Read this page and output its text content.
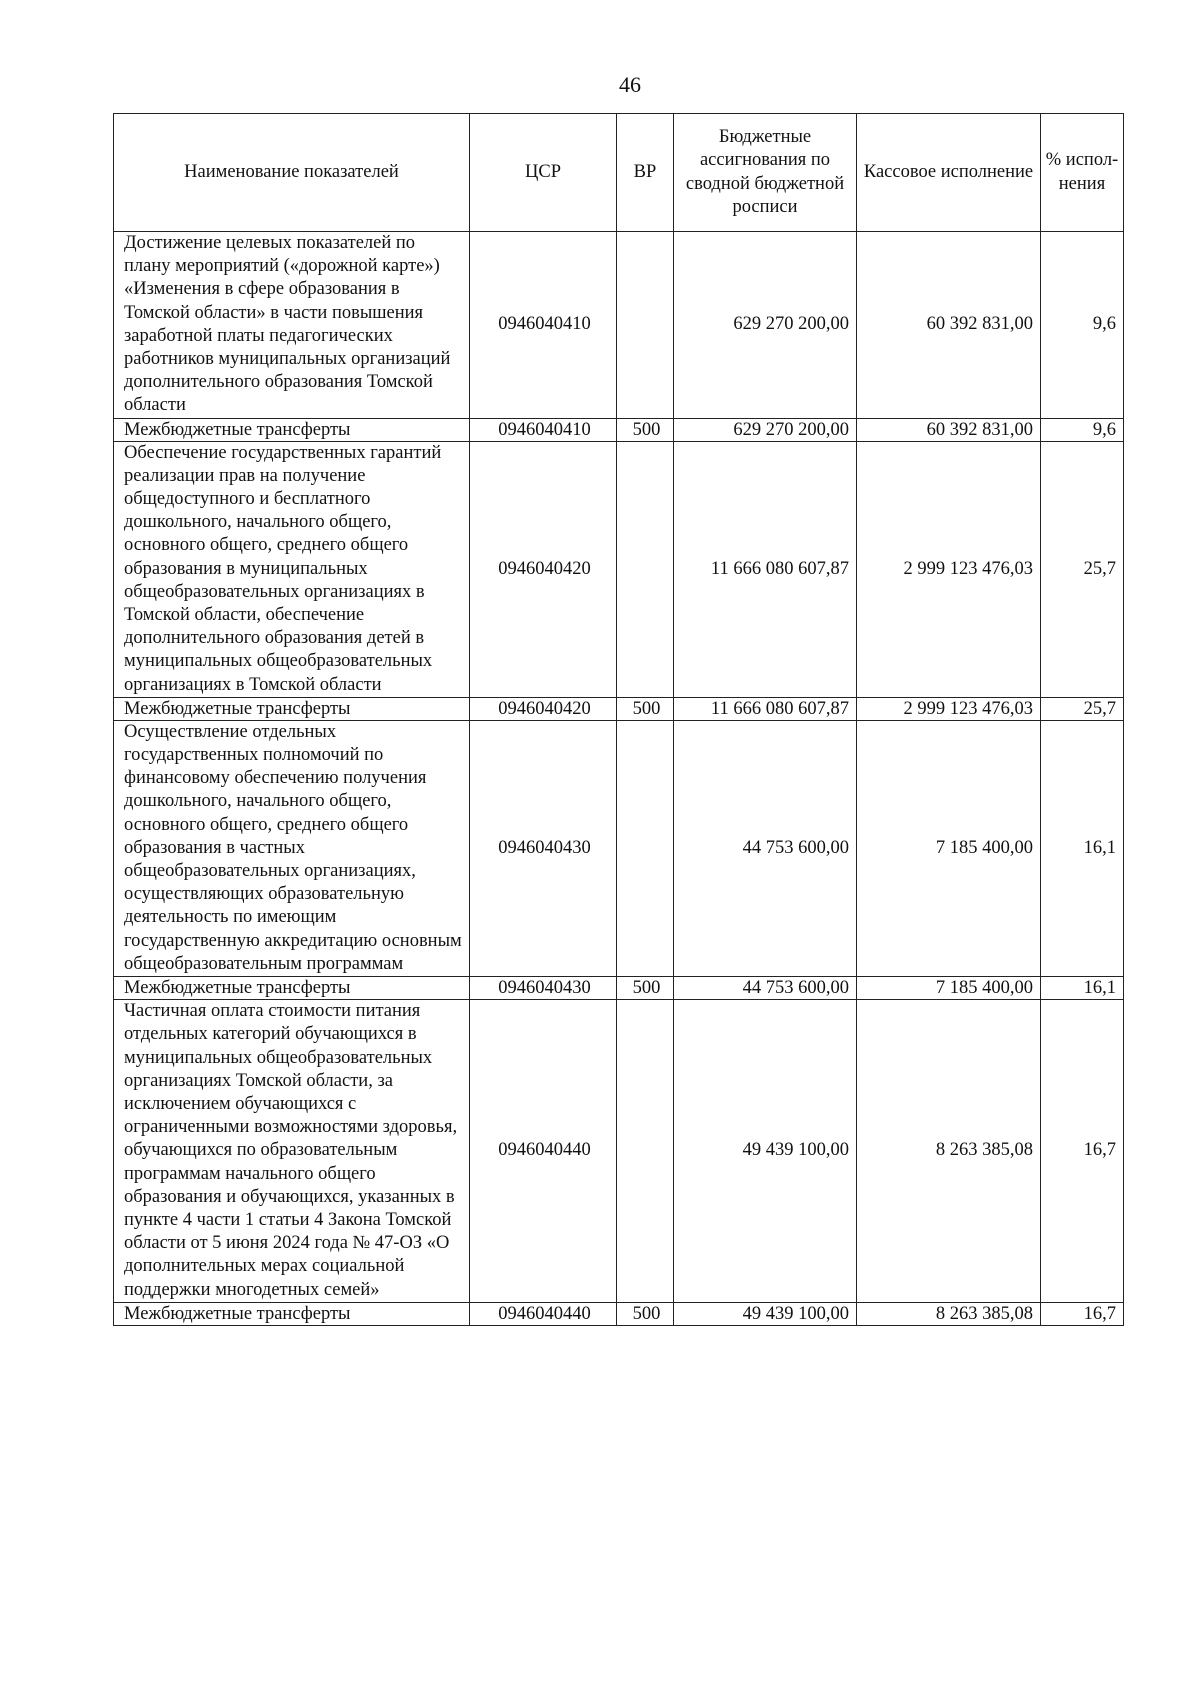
46
Наименование показателей	ЦСР	ВР	Бюджетные ассигнования по сводной бюджетной росписи	Кассовое исполнение	% испол-нения
Достижение целевых показателей по плану мероприятий («дорожной карте») «Изменения в сфере образования в Томской области» в части повышения заработной платы педагогических работников муниципальных организаций дополнительного образования Томской области	0946040410		629 270 200,00	60 392 831,00	9,6
Межбюджетные трансферты	0946040410	500	629 270 200,00	60 392 831,00	9,6
Обеспечение государственных гарантий реализации прав на получение общедоступного и бесплатного дошкольного, начального общего, основного общего, среднего общего образования в муниципальных общеобразовательных организациях в Томской области, обеспечение дополнительного образования детей в муниципальных общеобразовательных организациях в Томской области	0946040420		11 666 080 607,87	2 999 123 476,03	25,7
Межбюджетные трансферты	0946040420	500	11 666 080 607,87	2 999 123 476,03	25,7
Осуществление отдельных государственных полномочий по финансовому обеспечению получения дошкольного, начального общего, основного общего, среднего общего образования в частных общеобразовательных организациях, осуществляющих образовательную деятельность по имеющим государственную аккредитацию основным общеобразовательным программам	0946040430		44 753 600,00	7 185 400,00	16,1
Межбюджетные трансферты	0946040430	500	44 753 600,00	7 185 400,00	16,1
Частичная оплата стоимости питания отдельных категорий обучающихся в муниципальных общеобразовательных организациях Томской области, за исключением обучающихся с ограниченными возможностями здоровья, обучающихся по образовательным программам начального общего образования и обучающихся, указанных в пункте 4 части 1 статьи 4 Закона Томской области от 5 июня 2024 года № 47-ОЗ «О дополнительных мерах социальной поддержки многодетных семей»	0946040440		49 439 100,00	8 263 385,08	16,7
Межбюджетные трансферты	0946040440	500	49 439 100,00	8 263 385,08	16,7
